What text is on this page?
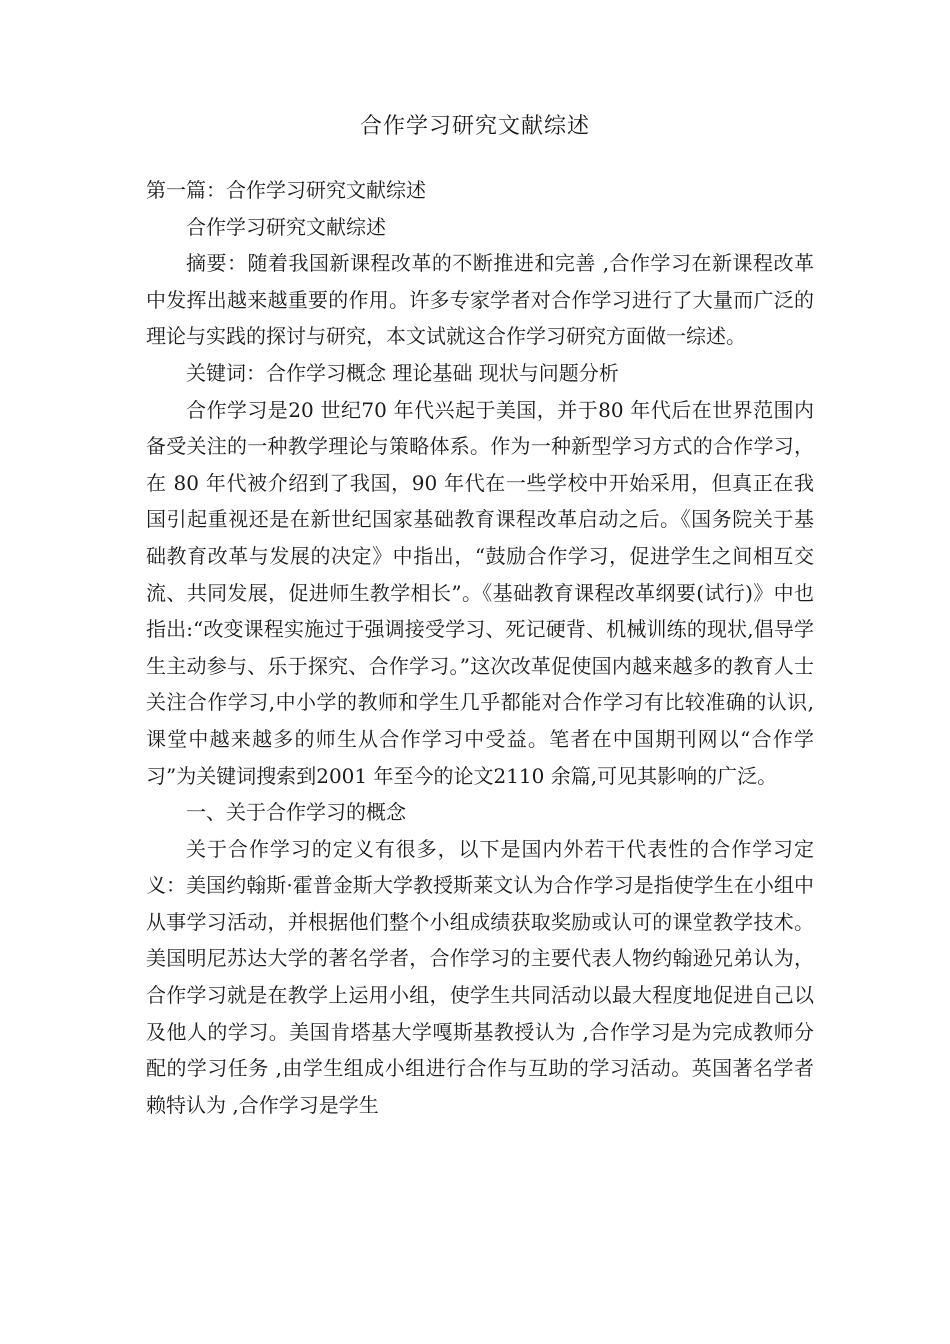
合作学习研究文献综述

第一篇：合作学习研究文献综述

合作学习研究文献综述

摘要：随着我国新课程改革的不断推进和完善 ,合作学习在新课程改革中发挥出越来越重要的作用。许多专家学者对合作学习进行了大量而广泛的理论与实践的探讨与研究，本文试就这合作学习研究方面做一综述。

关键词：合作学习概念 理论基础 现状与问题分析

合作学习是20 世纪70 年代兴起于美国，并于80 年代后在世界范围内备受关注的一种教学理论与策略体系。作为一种新型学习方式的合作学习，在 80 年代被介绍到了我国，90 年代在一些学校中开始采用，但真正在我国引起重视还是在新世纪国家基础教育课程改革启动之后。《国务院关于基础教育改革与发展的决定》中指出，“鼓励合作学习，促进学生之间相互交流、共同发展，促进师生教学相长”。《基础教育课程改革纲要(试行)》中也指出:“改变课程实施过于强调接受学习、死记硬背、机械训练的现状,倡导学生主动参与、乐于探究、合作学习。”这次改革促使国内越来越多的教育人士关注合作学习,中小学的教师和学生几乎都能对合作学习有比较准确的认识,课堂中越来越多的师生从合作学习中受益。笔者在中国期刊网以“合作学习”为关键词搜索到2001 年至今的论文2110 余篇,可见其影响的广泛。

一、关于合作学习的概念

关于合作学习的定义有很多，以下是国内外若干代表性的合作学习定义：美国约翰斯·霍普金斯大学教授斯莱文认为合作学习是指使学生在小组中从事学习活动，并根据他们整个小组成绩获取奖励或认可的课堂教学技术。美国明尼苏达大学的著名学者，合作学习的主要代表人物约翰逊兄弟认为，合作学习就是在教学上运用小组，使学生共同活动以最大程度地促进自己以及他人的学习。美国肯塔基大学嘎斯基教授认为 ,合作学习是为完成教师分配的学习任务 ,由学生组成小组进行合作与互助的学习活动。英国著名学者赖特认为 ,合作学习是学生
